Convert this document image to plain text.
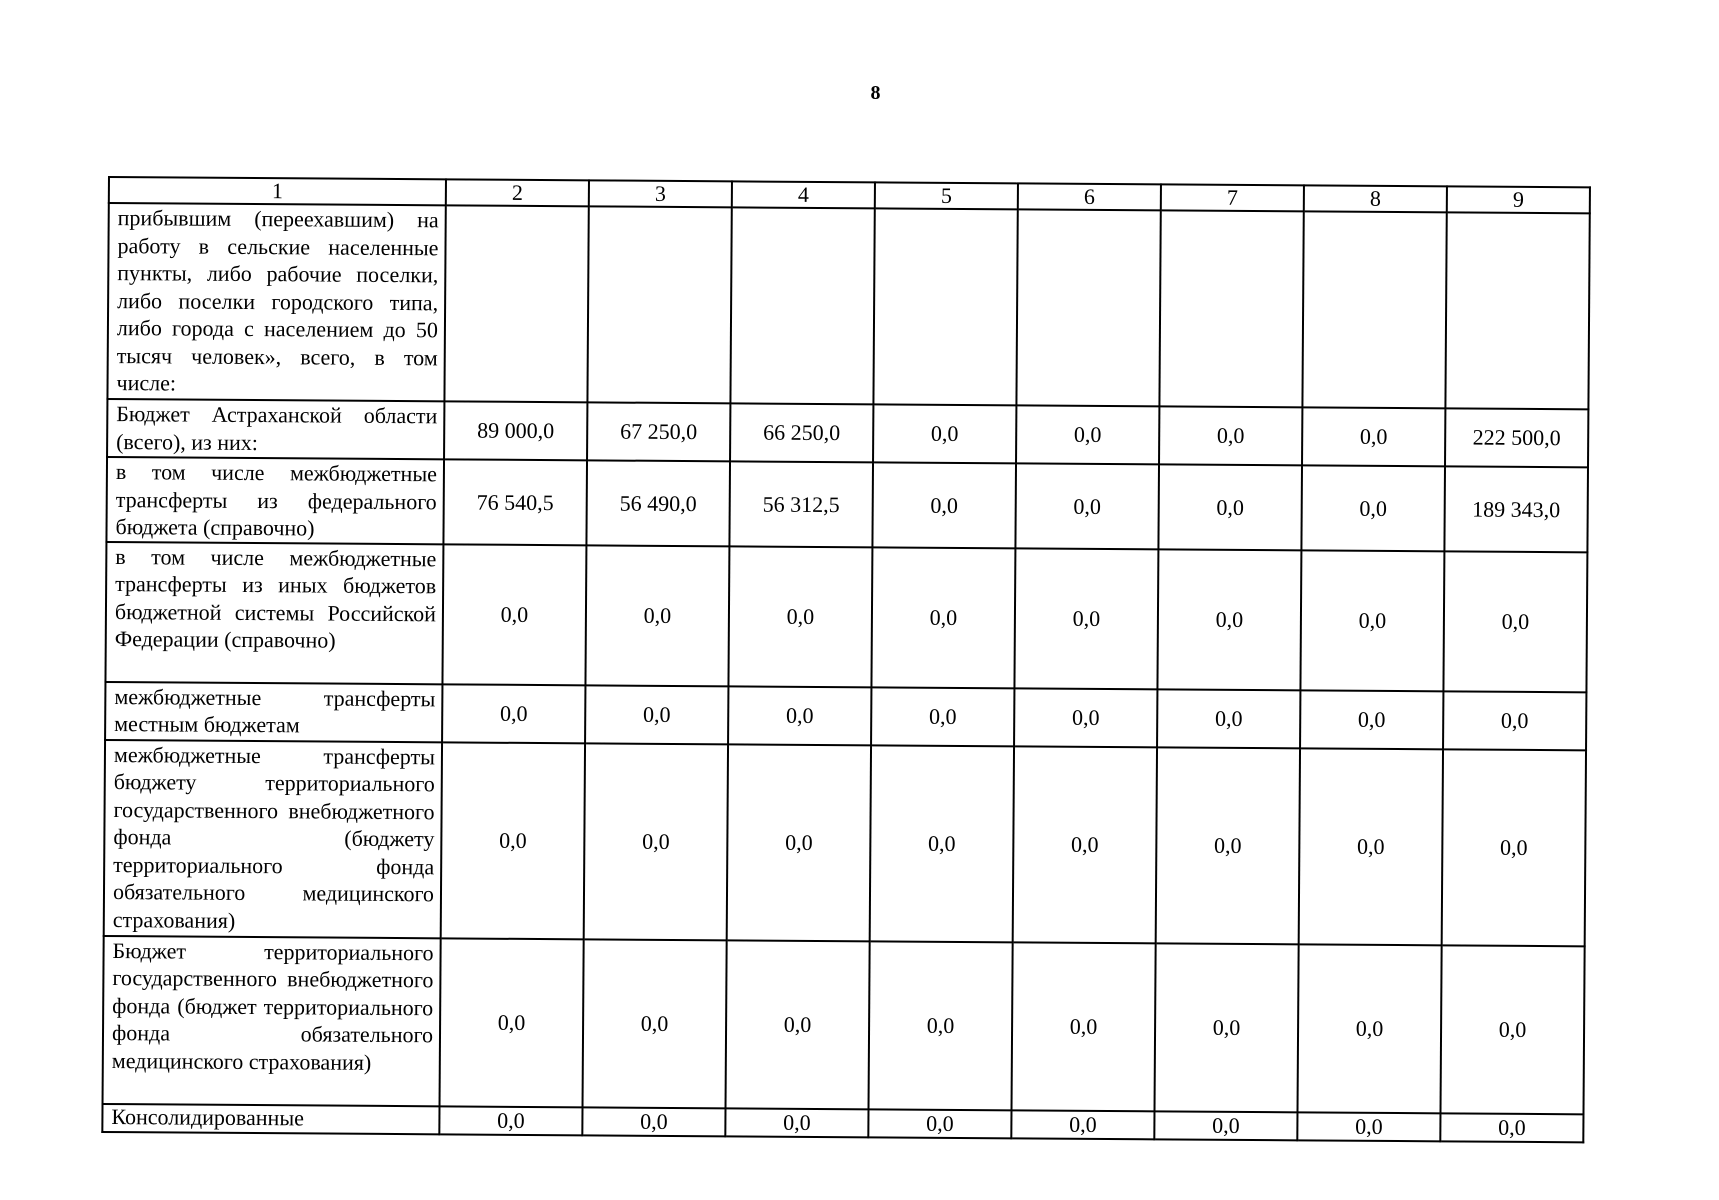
8
1	2	3	4	5	6	7	8	9
прибывшим (переехавшим) на работу в сельские населенные пункты, либо рабочие поселки, либо поселки городского типа, либо города с населением до 50 тысяч человек», всего, в том числе:								
Бюджет Астраханской области (всего), из них:	89 000,0	67 250,0	66 250,0	0,0	0,0	0,0	0,0	222 500,0
в том числе межбюджетные трансферты из федерального бюджета (справочно)	76 540,5	56 490,0	56 312,5	0,0	0,0	0,0	0,0	189 343,0
в том числе межбюджетные трансферты из иных бюджетов бюджетной системы Российской Федерации (справочно)	0,0	0,0	0,0	0,0	0,0	0,0	0,0	0,0
межбюджетные трансферты местным бюджетам	0,0	0,0	0,0	0,0	0,0	0,0	0,0	0,0
межбюджетные трансферты бюджету территориального государственного внебюджетного фонда (бюджету территориального фонда обязательного медицинского страхования)	0,0	0,0	0,0	0,0	0,0	0,0	0,0	0,0
Бюджет территориального государственного внебюджетного фонда (бюджет территориального фонда обязательного медицинского страхования)	0,0	0,0	0,0	0,0	0,0	0,0	0,0	0,0
Консолидированные	0,0	0,0	0,0	0,0	0,0	0,0	0,0	0,0
